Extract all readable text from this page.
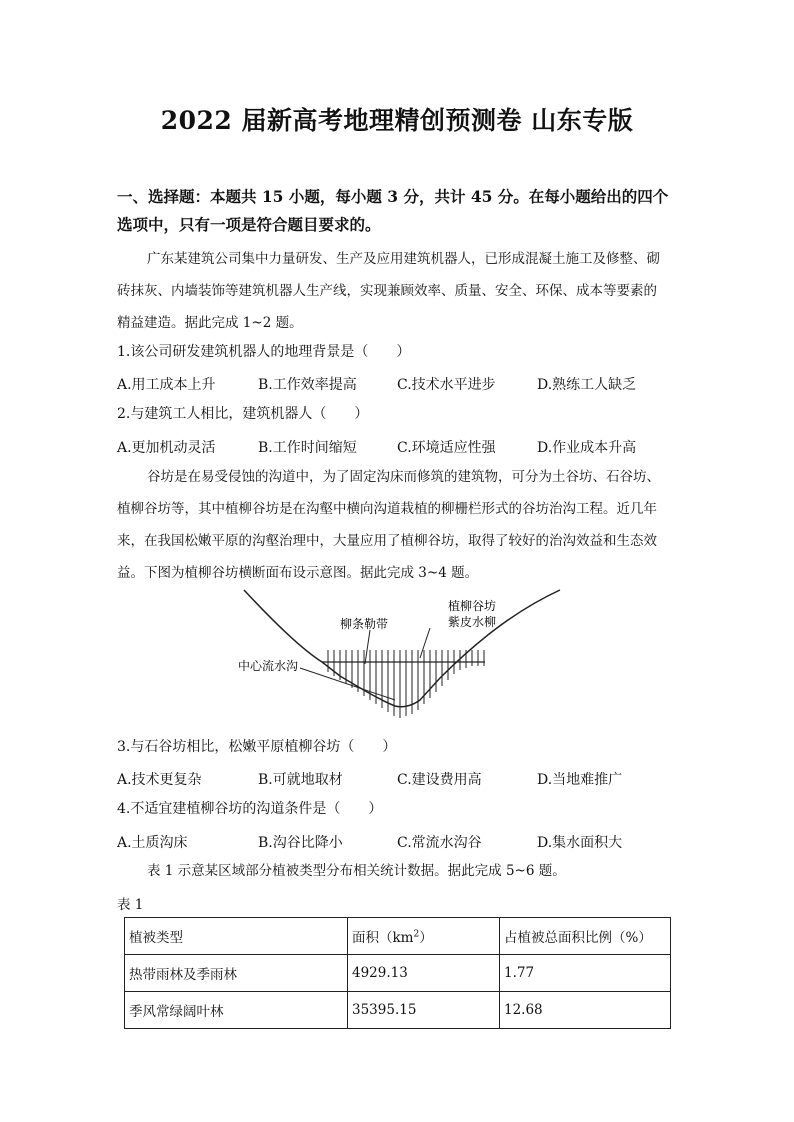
2022 届新高考地理精创预测卷 山东专版
一、选择题：本题共 15 小题，每小题 3 分，共计 45 分。在每小题给出的四个
选项中，只有一项是符合题目要求的。
广东某建筑公司集中力量研发、生产及应用建筑机器人，已形成混凝土施工及修整、砌
砖抹灰、内墙装饰等建筑机器人生产线，实现兼顾效率、质量、安全、环保、成本等要素的
精益建造。据此完成 1~2 题。
1.该公司研发建筑机器人的地理背景是（　　）
A.用工成本上升	B.工作效率提高	C.技术水平进步	D.熟练工人缺乏
2.与建筑工人相比，建筑机器人（　　）
A.更加机动灵活	B.工作时间缩短	C.环境适应性强	D.作业成本升高
谷坊是在易受侵蚀的沟道中，为了固定沟床而修筑的建筑物，可分为土谷坊、石谷坊、
植柳谷坊等，其中植柳谷坊是在沟壑中横向沟道栽植的柳栅栏形式的谷坊治沟工程。近几年
来，在我国松嫩平原的沟壑治理中，大量应用了植柳谷坊，取得了较好的治沟效益和生态效
益。下图为植柳谷坊横断面布设示意图。据此完成 3~4 题。
植柳谷坊
紫皮水柳
柳条勒带
中心流水沟
3.与石谷坊相比，松嫩平原植柳谷坊（　　）
A.技术更复杂	B.可就地取材	C.建设费用高	D.当地难推广
4.不适宜建植柳谷坊的沟道条件是（　　）
A.土质沟床	B.沟谷比降小	C.常流水沟谷	D.集水面积大
表 1 示意某区域部分植被类型分布相关统计数据。据此完成 5~6 题。
表 1
植被类型	面积$(km^2)$	占植被总面积比例（%）
热带雨林及季雨林	4929.13	1.77
季风常绿阔叶林	35395.15	12.68
